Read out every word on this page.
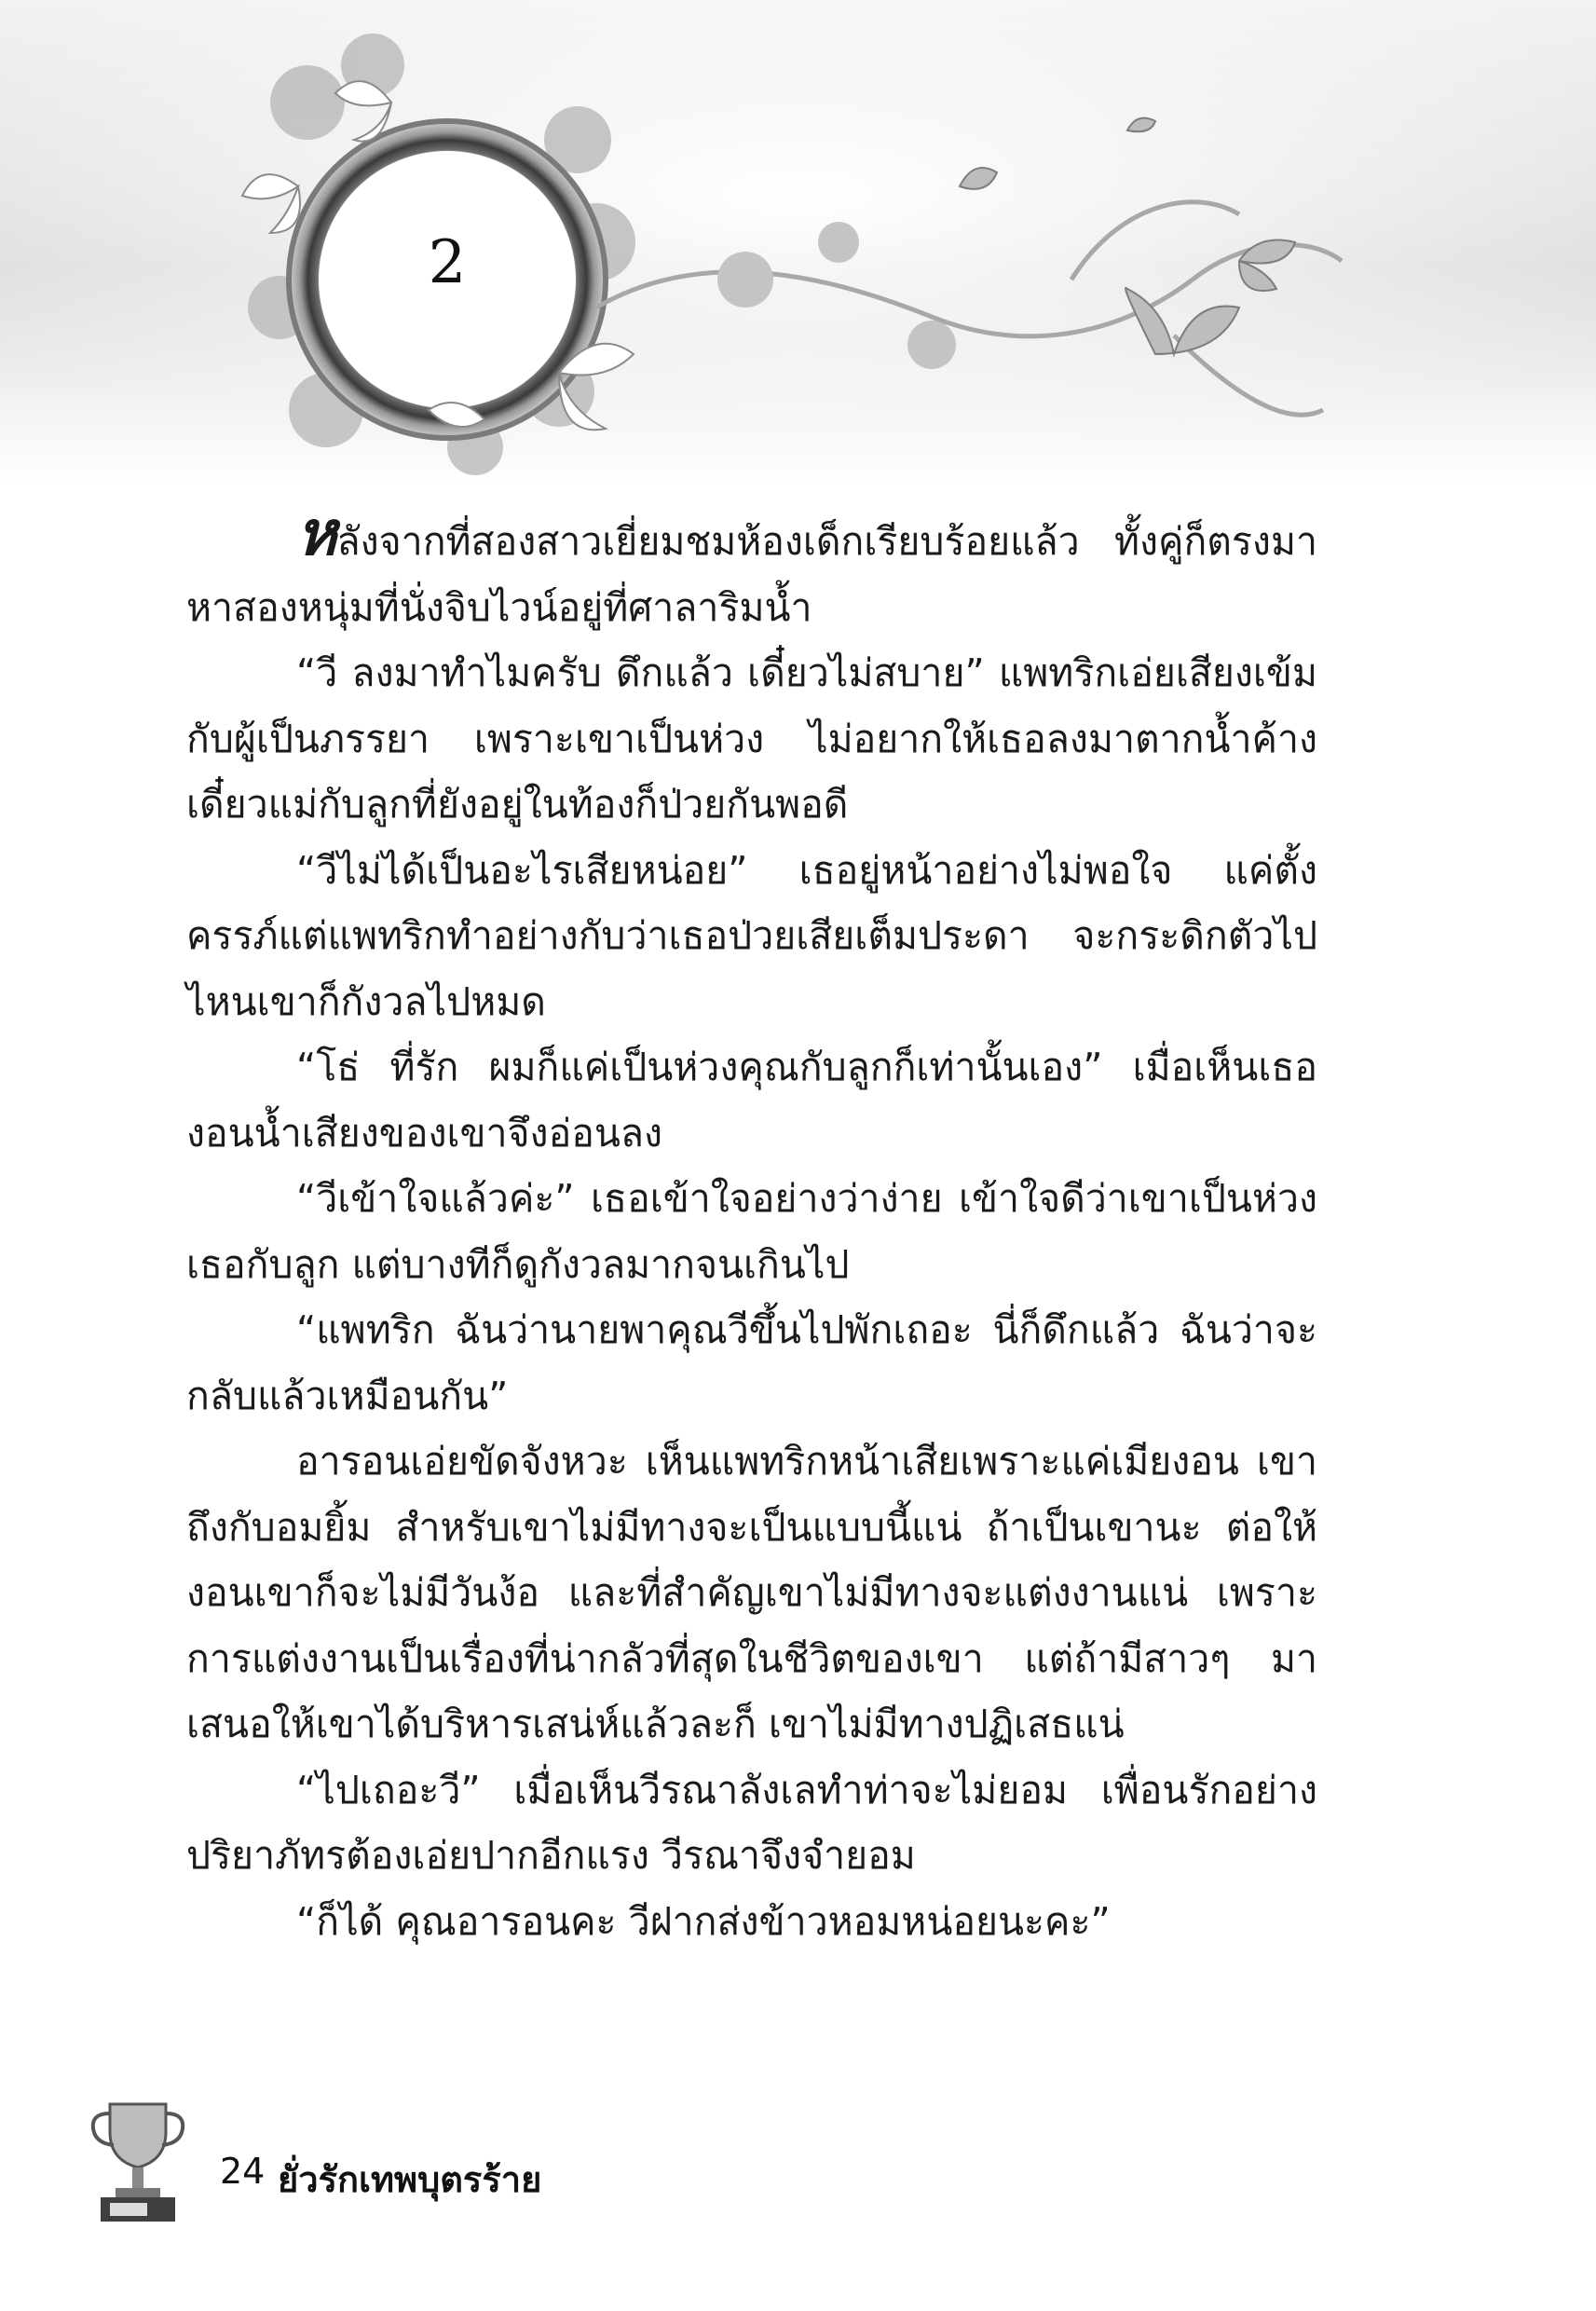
2

หลังจากที่สองสาวเยี่ยมชมห้องเด็กเรียบร้อยแล้ว ทั้งคู่ก็ตรงมาหาสองหนุ่มที่นั่งจิบไวน์อยู่ที่ศาลาริมน้ำ

“วี ลงมาทำไมครับ ดึกแล้ว เดี๋ยวไม่สบาย” แพทริกเอ่ยเสียงเข้มกับผู้เป็นภรรยา เพราะเขาเป็นห่วง ไม่อยากให้เธอลงมาตากน้ำค้าง เดี๋ยวแม่กับลูกที่ยังอยู่ในท้องก็ป่วยกันพอดี

“วีไม่ได้เป็นอะไรเสียหน่อย” เธอยู่หน้าอย่างไม่พอใจ แค่ตั้งครรภ์แต่แพทริกทำอย่างกับว่าเธอป่วยเสียเต็มประดา จะกระดิกตัวไปไหนเขาก็กังวลไปหมด

“โธ่ ที่รัก ผมก็แค่เป็นห่วงคุณกับลูกก็เท่านั้นเอง” เมื่อเห็นเธองอนน้ำเสียงของเขาจึงอ่อนลง

“วีเข้าใจแล้วค่ะ” เธอเข้าใจอย่างว่าง่าย เข้าใจดีว่าเขาเป็นห่วงเธอกับลูก แต่บางทีก็ดูกังวลมากจนเกินไป

“แพทริก ฉันว่านายพาคุณวีขึ้นไปพักเถอะ นี่ก็ดึกแล้ว ฉันว่าจะกลับแล้วเหมือนกัน”

อารอนเอ่ยขัดจังหวะ เห็นแพทริกหน้าเสียเพราะแค่เมียงอน เขาถึงกับอมยิ้ม สำหรับเขาไม่มีทางจะเป็นแบบนี้แน่ ถ้าเป็นเขานะ ต่อให้งอนเขาก็จะไม่มีวันง้อ และที่สำคัญเขาไม่มีทางจะแต่งงานแน่ เพราะการแต่งงานเป็นเรื่องที่น่ากลัวที่สุดในชีวิตของเขา แต่ถ้ามีสาวๆ มาเสนอให้เขาได้บริหารเสน่ห์แล้วละก็ เขาไม่มีทางปฏิเสธแน่

“ไปเถอะวี” เมื่อเห็นวีรณาลังเลทำท่าจะไม่ยอม เพื่อนรักอย่างปริยาภัทรต้องเอ่ยปากอีกแรง วีรณาจึงจำยอม

“ก็ได้ คุณอารอนคะ วีฝากส่งข้าวหอมหน่อยนะคะ”

24 ยั่วรักเทพบุตรร้าย
